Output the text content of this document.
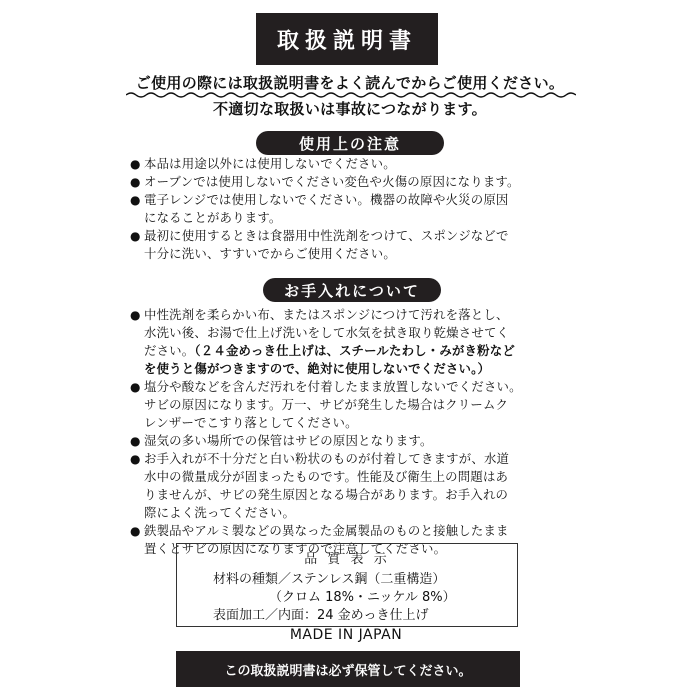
取扱説明書
ご使用の際には取扱説明書をよく読んでからご使用ください。
不適切な取扱いは事故につながります。
使用上の注意
● 本品は用途以外には使用しないでください。
● オーブンでは使用しないでください変色や火傷の原因になります。
● 電子レンジでは使用しないでください。機器の故障や火災の原因
になることがあります。
● 最初に使用するときは食器用中性洗剤をつけて、スポンジなどで
十分に洗い、すすいでからご使用ください。
お手入れについて
● 中性洗剤を柔らかい布、またはスポンジにつけて汚れを落とし、
水洗い後、お湯で仕上げ洗いをして水気を拭き取り乾燥させてく
ださい。（２４金めっき仕上げは、スチールたわし・みがき粉など
を使うと傷がつきますので、絶対に使用しないでください。）
● 塩分や酸などを含んだ汚れを付着したまま放置しないでください。
サビの原因になります。万一、サビが発生した場合はクリームク
レンザーでこすり落としてください。
● 湿気の多い場所での保管はサビの原因となります。
● お手入れが不十分だと白い粉状のものが付着してきますが、水道
水中の微量成分が固まったものです。性能及び衛生上の問題はあ
りませんが、サビの発生原因となる場合があります。お手入れの
際によく洗ってください。
● 鉄製品やアルミ製などの異なった金属製品のものと接触したまま
置くとサビの原因になりますので注意してください。
品 質 表 示
材料の種類／ステンレス鋼（二重構造）
（クロム 18%・ニッケル 8%）
表面加工／内面：24 金めっき仕上げ
MADE IN JAPAN
この取扱説明書は必ず保管してください。
